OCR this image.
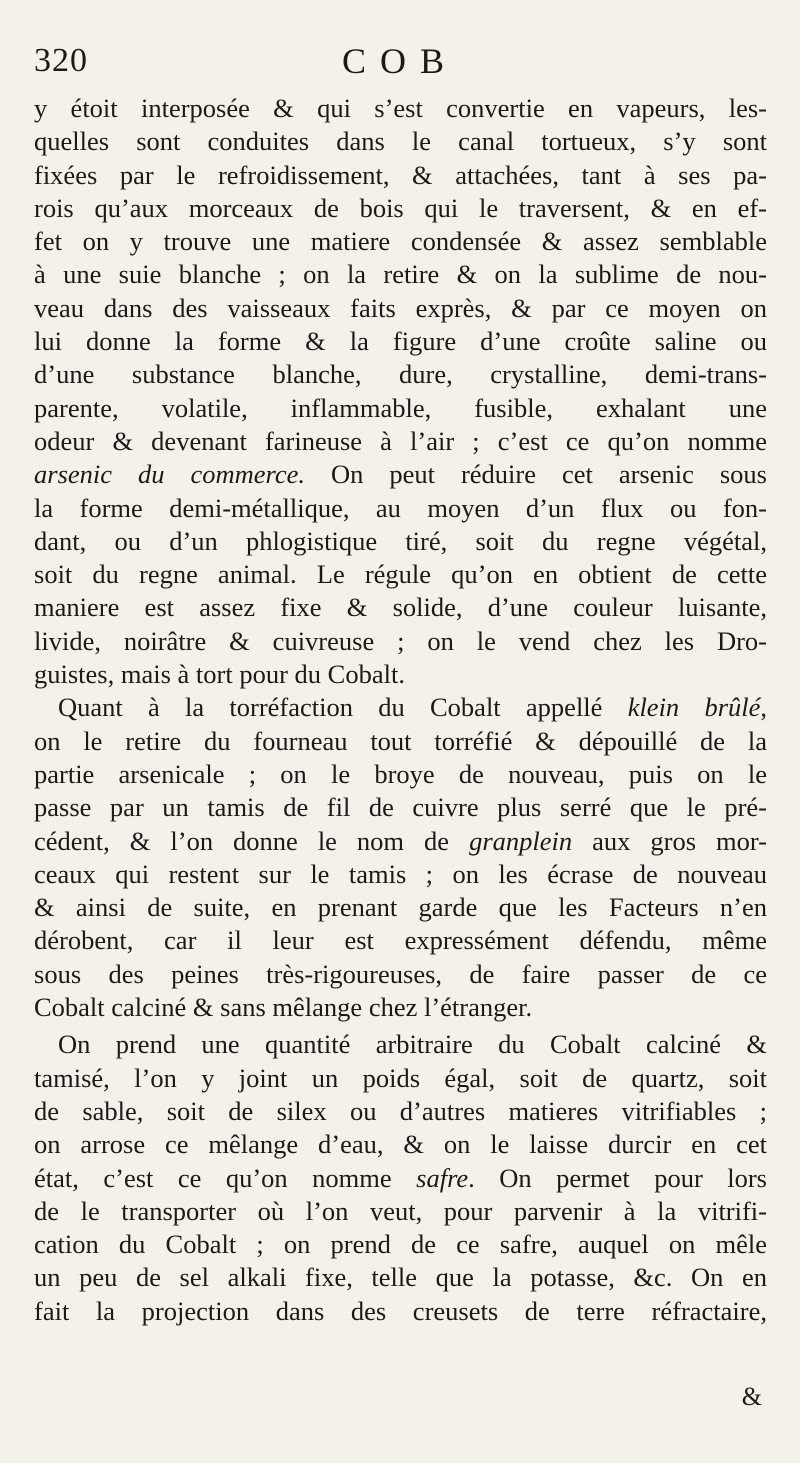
320	COB
y étoit interposée & qui s’est convertie en vapeurs, les-
quelles sont conduites dans le canal tortueux, s’y sont
fixées par le refroidissement, & attachées, tant à ses pa-
rois qu’aux morceaux de bois qui le traversent, & en ef-
fet on y trouve une matiere condensée & assez semblable
à une suie blanche ; on la retire & on la sublime de nou-
veau dans des vaisseaux faits exprès, & par ce moyen on
lui donne la forme & la figure d’une croûte saline ou
d’une substance blanche, dure, crystalline, demi-trans-
parente, volatile, inflammable, fusible, exhalant une
odeur & devenant farineuse à l’air ; c’est ce qu’on nomme
arsenic du commerce. On peut réduire cet arsenic sous
la forme demi-métallique, au moyen d’un flux ou fon-
dant, ou d’un phlogistique tiré, soit du regne végétal,
soit du regne animal. Le régule qu’on en obtient de cette
maniere est assez fixe & solide, d’une couleur luisante,
livide, noirâtre & cuivreuse ; on le vend chez les Dro-
guistes, mais à tort pour du Cobalt.
Quant à la torréfaction du Cobalt appellé klein brûlé,
on le retire du fourneau tout torréfié & dépouillé de la
partie arsenicale ; on le broye de nouveau, puis on le
passe par un tamis de fil de cuivre plus serré que le pré-
cédent, & l’on donne le nom de granplein aux gros mor-
ceaux qui restent sur le tamis ; on les écrase de nouveau
& ainsi de suite, en prenant garde que les Facteurs n’en
dérobent, car il leur est expressément défendu, même
sous des peines très-rigoureuses, de faire passer de ce
Cobalt calciné & sans mêlange chez l’étranger.
On prend une quantité arbitraire du Cobalt calciné &
tamisé, l’on y joint un poids égal, soit de quartz, soit
de sable, soit de silex ou d’autres matieres vitrifiables ;
on arrose ce mêlange d’eau, & on le laisse durcir en cet
état, c’est ce qu’on nomme safre. On permet pour lors
de le transporter où l’on veut, pour parvenir à la vitrifi-
cation du Cobalt ; on prend de ce safre, auquel on mêle
un peu de sel alkali fixe, telle que la potasse, &c. On en
fait la projection dans des creusets de terre réfractaire,
&
